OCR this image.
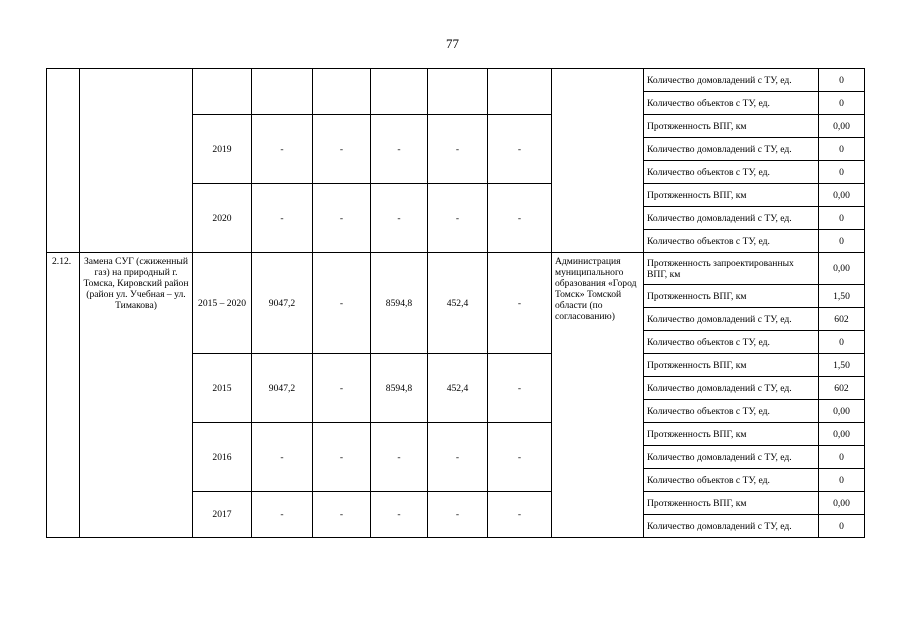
77
									Количество домовладений с ТУ, ед.	0
									Количество объектов с ТУ, ед.	0
		2019	-	-	-	-	-		Протяженность ВПГ, км	0,00
									Количество домовладений с ТУ, ед.	0
									Количество объектов с ТУ, ед.	0
		2020	-	-	-	-	-		Протяженность ВПГ, км	0,00
									Количество домовладений с ТУ, ед.	0
									Количество объектов с ТУ, ед.	0
2.12.	Замена СУГ (сжиженный газ) на природный г. Томска, Кировский район (район ул. Учебная – ул. Тимакова)	2015 – 2020	9047,2	-	8594,8	452,4	-	Администрация муниципального образования «Город Томск» Томской области (по согласованию)	Протяженность запроектированных ВПГ, км	0,00
									Протяженность ВПГ, км	1,50
									Количество домовладений с ТУ, ед.	602
									Количество объектов с ТУ, ед.	0
		2015	9047,2	-	8594,8	452,4	-		Протяженность ВПГ, км	1,50
									Количество домовладений с ТУ, ед.	602
									Количество объектов с ТУ, ед.	0,00
		2016	-	-	-	-	-		Протяженность ВПГ, км	0,00
									Количество домовладений с ТУ, ед.	0
									Количество объектов с ТУ, ед.	0
		2017	-	-	-	-	-		Протяженность ВПГ, км	0,00
									Количество домовладений с ТУ, ед.	0
